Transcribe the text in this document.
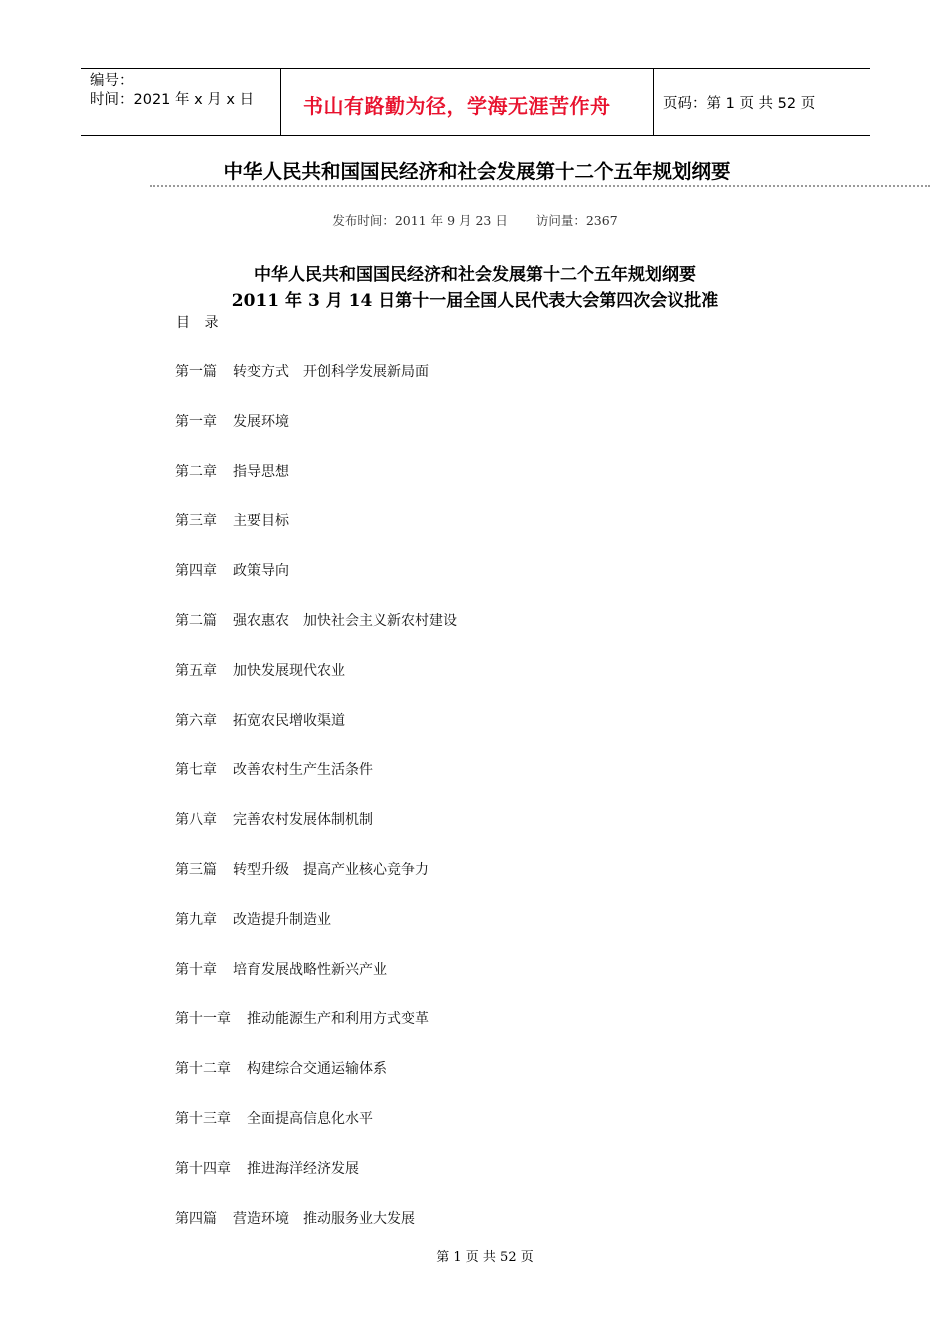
编号：
时间：2021 年 x 月 x 日	书山有路勤为径，学海无涯苦作舟	页码：第 1 页 共 52 页
中华人民共和国国民经济和社会发展第十二个五年规划纲要
发布时间：2011 年 9 月 23 日 访问量：2367
中华人民共和国国民经济和社会发展第十二个五年规划纲要
2011 年 3 月 14 日第十一届全国人民代表大会第四次会议批准
目 录
第一篇 转变方式　开创科学发展新局面
第一章 发展环境
第二章 指导思想
第三章 主要目标
第四章 政策导向
第二篇 强农惠农　加快社会主义新农村建设
第五章 加快发展现代农业
第六章 拓宽农民增收渠道
第七章 改善农村生产生活条件
第八章 完善农村发展体制机制
第三篇 转型升级　提高产业核心竞争力
第九章 改造提升制造业
第十章 培育发展战略性新兴产业
第十一章 推动能源生产和利用方式变革
第十二章 构建综合交通运输体系
第十三章 全面提高信息化水平
第十四章 推进海洋经济发展
第四篇 营造环境　推动服务业大发展
第 1 页 共 52 页
